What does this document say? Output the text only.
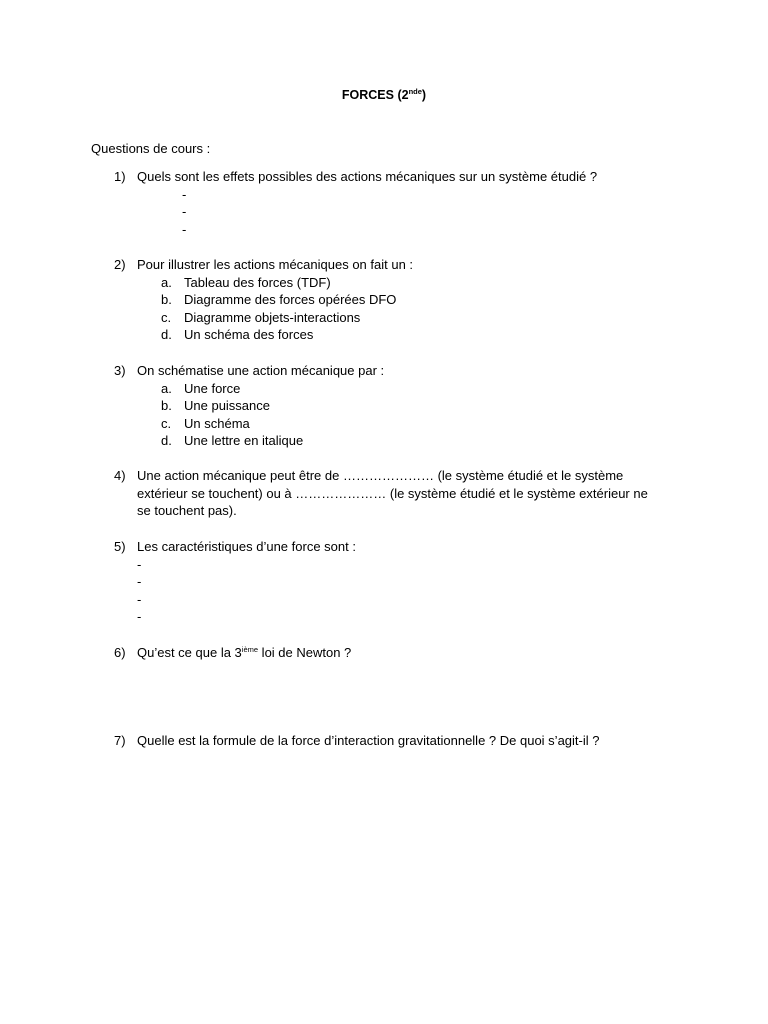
FORCES (2nde)
Questions de cours :
1) Quels sont les effets possibles des actions mécaniques sur un système étudié ?
-
-
-
2) Pour illustrer les actions mécaniques on fait un :
a. Tableau des forces (TDF)
b. Diagramme des forces opérées DFO
c. Diagramme objets-interactions
d. Un schéma des forces
3) On schématise une action mécanique par :
a. Une force
b. Une puissance
c. Un schéma
d. Une lettre en italique
4) Une action mécanique peut être de ………………… (le système étudié et le système extérieur se touchent) ou à ………………… (le système étudié et le système extérieur ne se touchent pas).
5) Les caractéristiques d’une force sont :
-
-
-
-
6) Qu’est ce que la 3ième loi de Newton ?
7) Quelle est la formule de la force d’interaction gravitationnelle ? De quoi s’agit-il ?
